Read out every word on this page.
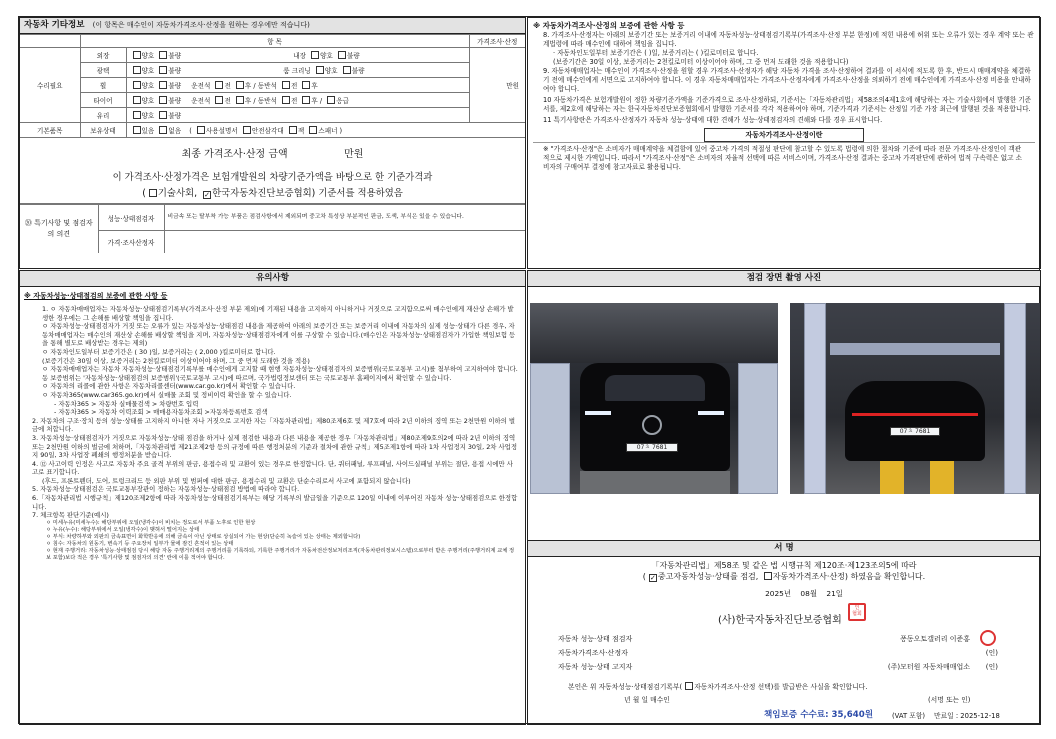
자동차 기타정보 (이 항목은 매수인이 자동차가격조사·산정을 원하는 경우에만 적습니다)
	항 목		가격조사·산정
수리필요	외장	양호 불량 내장 양호 불량	만원
	광택	양호 불량 룸 크리닝 양호 불량	
	휠	양호 불량 운전석 전 후 / 동반석 전 후	
	타이어	양호 불량 운전석 전 후 / 동반석 전 후 / 응급	
	유리	양호 불량	
기본품목	보유상태	있음 없음 ( 사용설명서 안전삼각대 잭 스패너 )	
최종 가격조사·산정 금액	만원
이 가격조사·산정가격은 보험개발원의 차량기준가액을 바탕으로 한 기준가격과
( 기술사회, ✓ 한국자동차진단보증협회) 기준서를 적용하였음
⑳ 특기사항 및 점검자의 의견	성능·상태점검자	비금속 또는 탈부착 가능 부품은 점검사항에서 제외되며 중고차 특성상 부분적인 판금, 도색, 부식은 있을 수 있습니다.
	가격·조사산정자	
※ 자동차가격조사·산정의 보증에 관한 사항 등
8. 가격조사·산정자는 아래의 보증기간 또는 보증거리 이내에 자동차성능·상태점검기록부(가격조사·산정 부분 한정)에 적힌 내용에 허위 또는 오류가 있는 경우 계약 또는 관계법령에 따라 매수인에 대하여 책임을 집니다.
· 자동차인도일부터 보증기간은 ( )일, 보증거리는 ( )킬로미터로 합니다.
(보증기간은 30일 이상, 보증거리는 2천킬로미터 이상이어야 하며, 그 중 먼저 도래한 것을 적용합니다)
9. 자동차매매업자는 매수인이 가격조사·산정을 원할 경우 가격조사·산정자가 해당 자동차 가격을 조사·산정하여 결과를 이 서식에 적도록 한 후, 반드시 매매계약을 체결하기 전에 매수인에게 서면으로 고지하여야 합니다. 이 경우 자동차매매업자는 가격조사·산정자에게 가격조사·산정을 의뢰하기 전에 매수인에게 가격조사·산정 비용을 안내하여야 합니다.
10 자동차가격은 보험개발원이 정한 차량기준가액을 기준가격으로 조사·산정하되, 기준서는「자동차관리법」제58조의4제1호에 해당하는 자는 기술사회에서 발행한 기준서를, 제2호에 해당하는 자는 한국자동차진단보증협회에서 발행한 기준서를 각각 적용하여야 하며, 기준가격과 기준서는 산정일 기준 가장 최근에 발행된 것을 적용합니다.
11 특기사항란은 가격조사·산정자가 자동차 성능·상태에 대한 견해가 성능·상태점검자의 견해와 다를 경우 표시합니다.
자동차가격조사·산정이란
※ "가격조사·산정"은 소비자가 매매계약을 체결함에 있어 중고차 가격의 적절성 판단에 참고할 수 있도록 법령에 의한 절차와 기준에 따라 전문 가격조사·산정인이 객관적으로 제시한 가액입니다. 따라서 "가격조사·산정"은 소비자의 자율적 선택에 따른 서비스이며, 가격조사·산정 결과는 중고차 가격판단에 관하여 법적 구속력은 없고 소비자의 구매여부 결정에 참고자료로 활용됩니다.
유의사항
※ 자동차성능·상태점검의 보증에 관한 사항 등
1. ㅇ 자동차매매업자는 자동차성능·상태점검기록부(가격조사·산정 부분 제외)에 기재된 내용을 고지하지 아니하거나 거짓으로 고지함으로써 매수인에게 재산상 손해가 발생한 경우에는 그 손해를 배상할 책임을 집니다.
ㅇ 자동차성능·상태점검자가 거짓 또는 오류가 있는 자동차성능·상태점검 내용을 제공하여 아래의 보증기간 또는 보증거리 이내에 자동차의 실제 성능·상태가 다른 경우, 자동차매매업자는 매수인의 재산상 손해를 배상할 책임을 지며, 자동차성능·상태점검자에게 이를 구상할 수 있습니다.(매수인은 자동차성능·상태점검자가 가입한 책임보험 등을 통해 별도로 배상받는 경우는 제외)
ㅇ 자동차인도일부터 보증기간은 ( 30 )일, 보증거리는 ( 2,000 )킬로미터로 합니다.
(보증기간은 30일 이상, 보증거리는 2천킬로미터 이상이어야 하며, 그 중 먼저 도래한 것을 적용)
ㅇ 자동차매매업자는 자동차 자동차성능·상태점검기록부를 매수인에게 고지할 때 현행 자동차성능·상태점검자의 보증범위(국토교통부 고시)를 첨부하여 고지하여야 합니다. 동 보증범위는 '자동차성능·상태점검의 보증범위'(국토교통부 고시)에 따르며, 국가법령정보센터 또는 국토교통부 홈페이지에서 확인할 수 있습니다.
ㅇ 자동차의 리콜에 관한 사항은 자동차리콜센터(www.car.go.kr)에서 확인할 수 있습니다.
ㅇ 자동차365(www.car365.go.kr)에서 실매물 조회 및 정비이력 확인을 할 수 있습니다.
- 자동차365 > 자동차 실매물검색 > 차량번호 입력
- 자동차365 > 자동차 이력조회 > 매매용자동차조회 >자동차등록번호 검색
2. 자동차의 구조·장치 등의 성능·상태를 고지하지 아니한 자나 거짓으로 고지한 자는「자동차관리법」제80조제6호 및 제7호에 따라 2년 이하의 징역 또는 2천만원 이하의 벌금에 처합니다.
3. 자동차성능·상태점검자가 거짓으로 자동차성능·상태 점검을 하거나 실제 점검한 내용과 다른 내용을 제공한 경우「자동차관리법」제80조제9호의2에 따라 2년 이하의 징역 또는 2천만원 이하의 벌금에 처하며,「자동차관리법 제21조제2항 등의 규정에 따른 행정처분의 기준과 절차에 관한 규칙」제5조제1항에 따라 1차 사업정지 30일, 2차 사업정지 90일, 3차 사업장 폐쇄의 행정처분을 받습니다.
4. ⑫ 사고이력 인정은 사고로 자동차 주요 골격 부위의 판금, 용접수리 및 교환이 있는 경우로 한정합니다. 단, 쿼터패널, 루프패널, 사이드실패널 부위는 절단, 용접 시에만 사고로 표기합니다.
(후드, 프론트펜더, 도어, 트렁크리드 등 외판 부위 및 범퍼에 대한 판금, 용접수리 및 교환은 단순수리로서 사고에 포함되지 않습니다)
5. 자동차성능·상태점검은 국토교통부장관이 정하는 자동차성능·상태점검 방법에 따라야 합니다.
6.「자동차관리법 시행규칙」제120조제2항에 따라 자동차성능·상태점검기록부는 해당 기록부의 발급일을 기준으로 120일 이내에 이루어진 자동차 성능·상태점검으로 한정합니다.
7. 체크항목 판단기준(예시)
ㅇ 미세누유(미세누수): 해당부위에 오일(냉각수)이 비치는 정도로서 부품 노후로 인한 현상
ㅇ 누유(누수): 해당부위에서 오일(냉각수)이 맺혀서 떨어지는 상태
ㅇ 부식: 차량하부와 외판의 금속표면이 화학반응에 의해 금속이 아닌 상태로 상실되어 가는 현상(단순히 녹슬어 있는 상태는 제외합니다)
ㅇ 침수: 자동차의 원동기, 변속기 등 주요장치 일부가 물에 잠긴 흔적이 있는 상태
ㅇ 현재 주행거리: 자동차성능·상태점검 당시 해당 자동 주행거리계의 주행거리를 기록하되, 기록한 주행거리가 자동차전산정보처리조직(자동차관리정보시스템)으로부터 받은 주행거리(주행거리계 교체 정보 포함)보다 적은 경우 '특기사항 및 점검자의 의견' 란에 이를 적어야 합니다.
점검 장면 촬영 사진
07ㅊ 7681
07ㅊ 7681
서 명
「자동차관리법」제58조 및 같은 법 시행규칙 제120조·제123조의5에 따라
( ✓ 중고자동차성능·상태를 점검, 자동차가격조사·산정) 하였음을 확인합니다.
2025년 08월 21일
(사)한국자동차진단보증협회
인
협회
자동차 성능·상태 점검자	퐁동오토갤러리 이준홍
자동차가격조사·산정자	(인)
자동차 성능·상태 고지자	(주)모터원 자동차매매업소 (인)
본인은 위 자동차성능·상태점검기록부( 자동차가격조사·산정 선택)를 발급받은 사실을 확인합니다.
년 월 일 매수인	(서명 또는 인)
책임보증 수수료: 35,640원	(VAT 포함) 만료일 : 2025-12-18
